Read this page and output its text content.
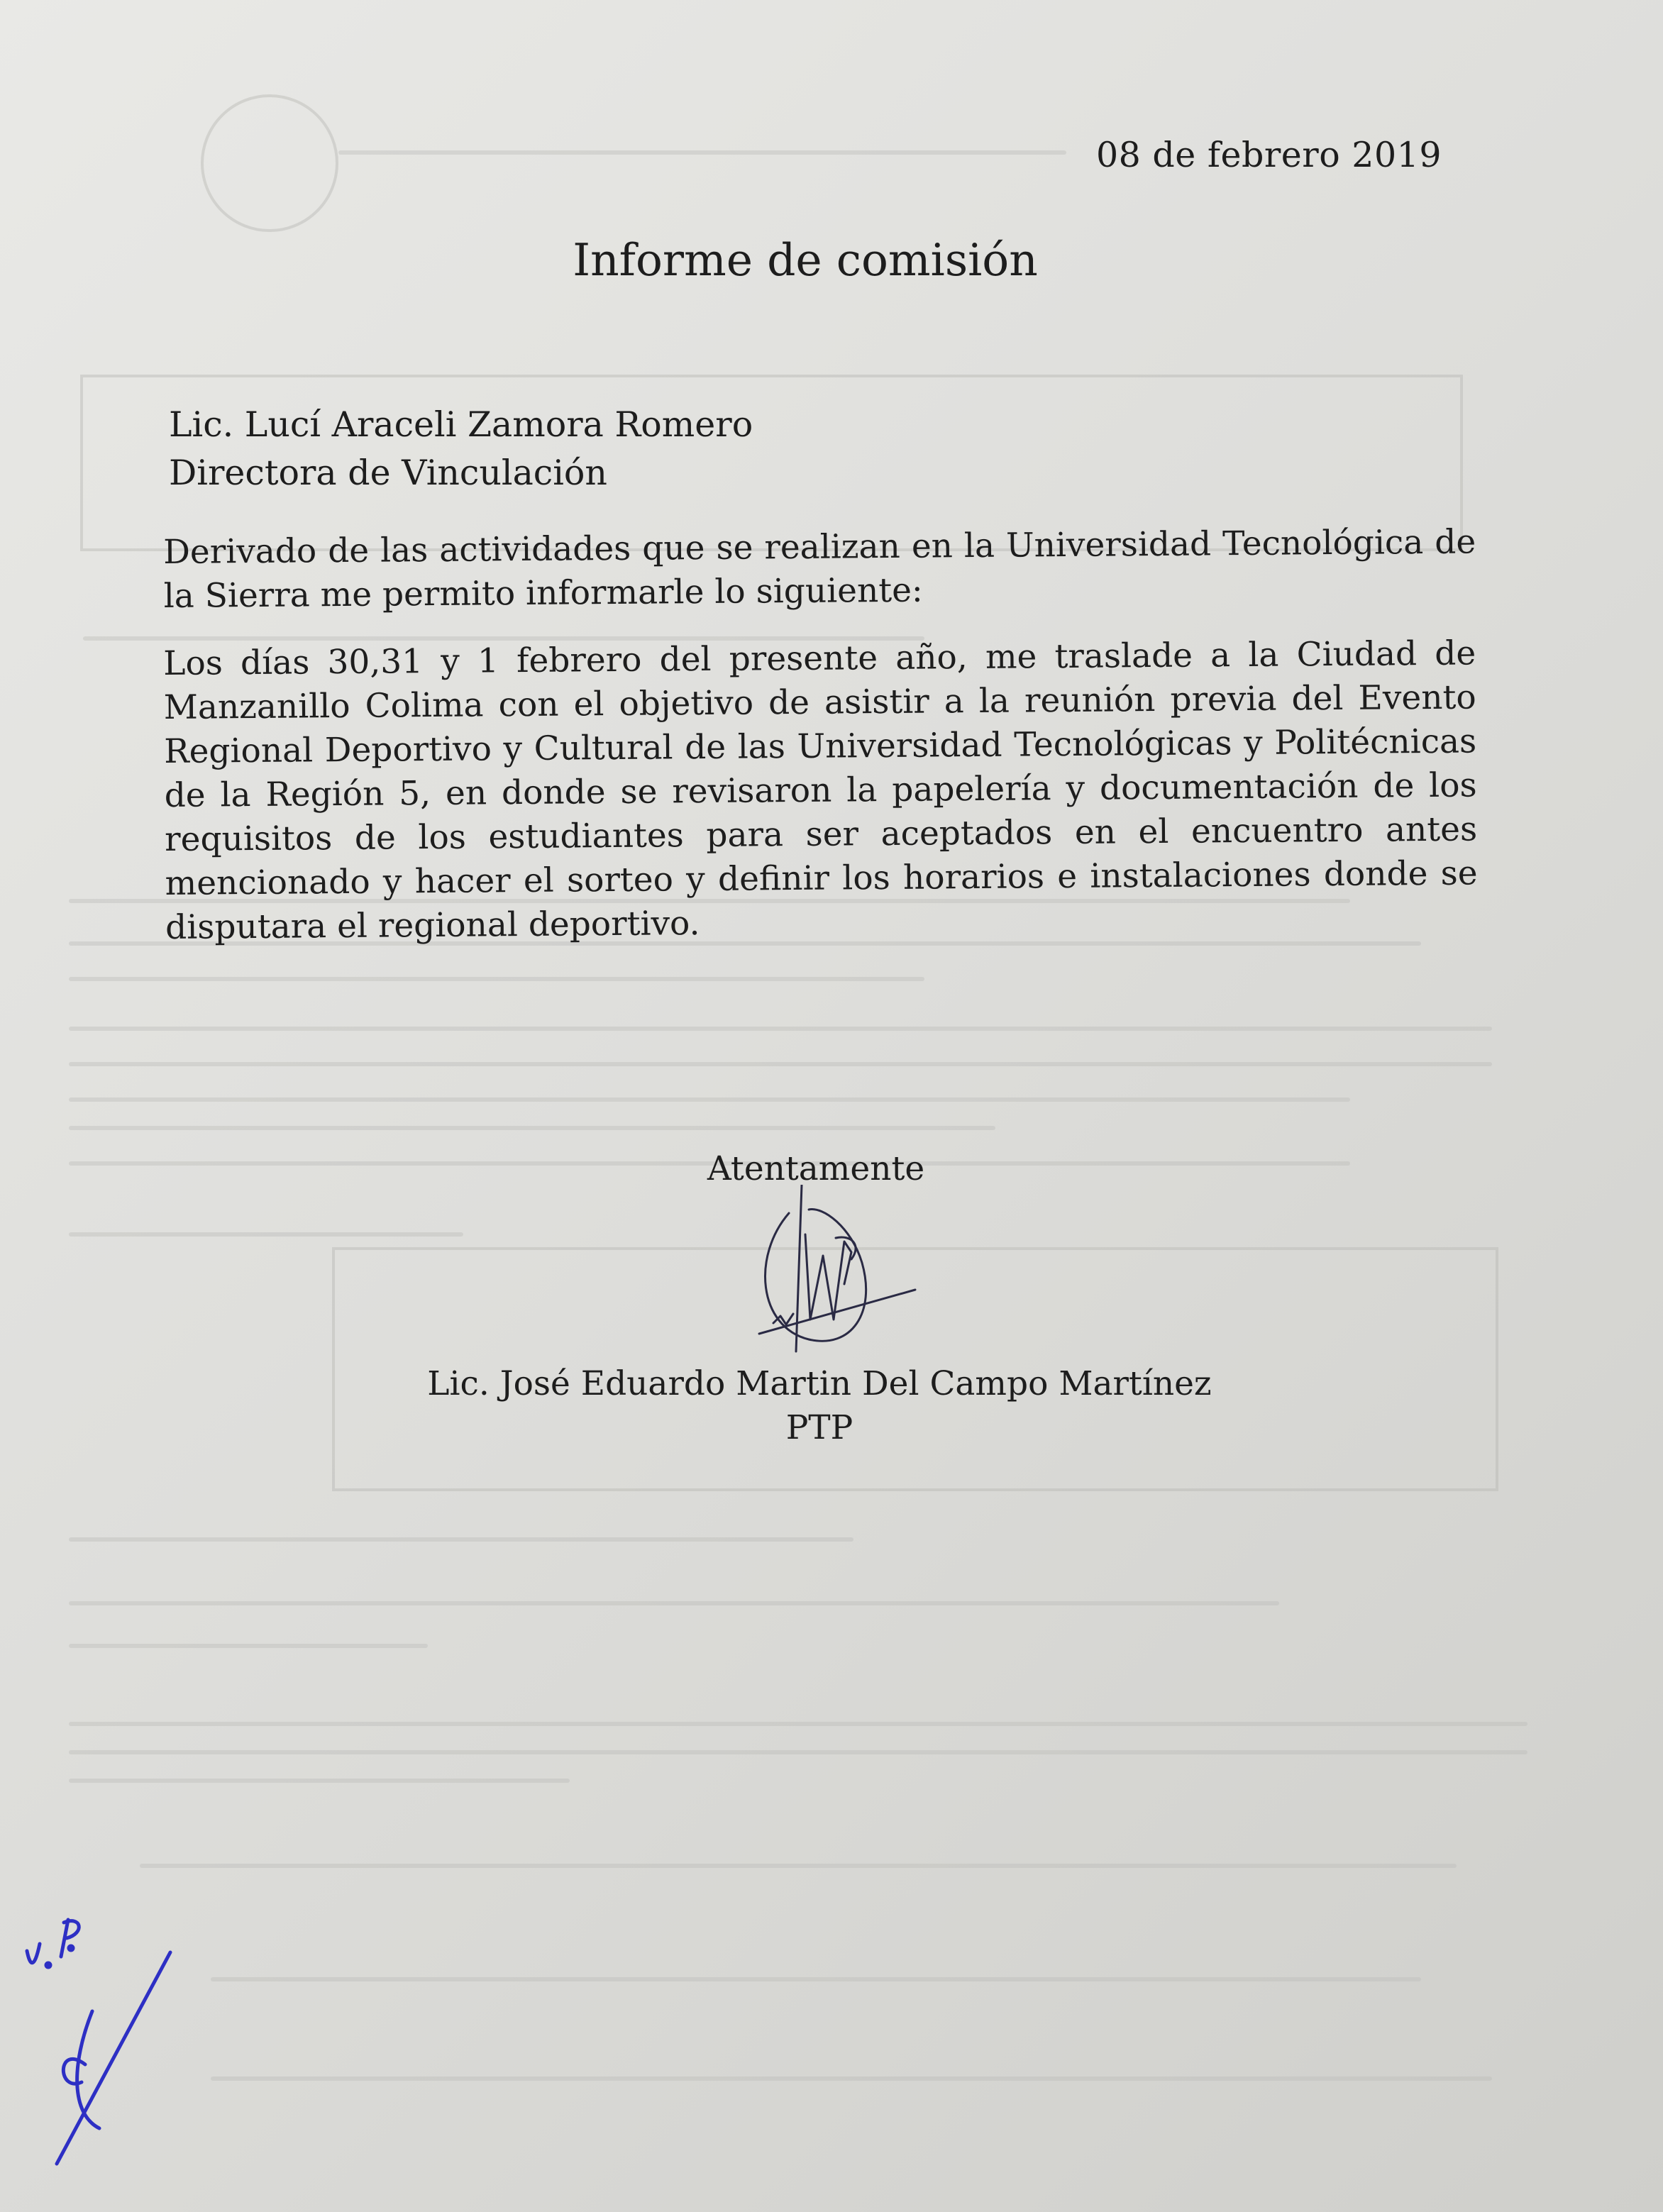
08 de febrero 2019
Informe de comisión
Lic. Lucí Araceli Zamora Romero
Directora de Vinculación
Derivado de las actividades que se realizan en la Universidad Tecnológica de la Sierra me permito informarle lo siguiente:
Los días 30,31 y 1 febrero del presente año, me traslade a la Ciudad de Manzanillo Colima con el objetivo de asistir a la reunión previa del Evento Regional Deportivo y Cultural de las Universidad Tecnológicas y Politécnicas de la Región 5, en donde se revisaron la papelería y documentación de los requisitos de los estudiantes para ser aceptados en el encuentro antes mencionado y hacer el sorteo y definir los horarios e instalaciones donde se disputara el regional deportivo.
Atentamente
Lic. José Eduardo Martin Del Campo Martínez
PTP
